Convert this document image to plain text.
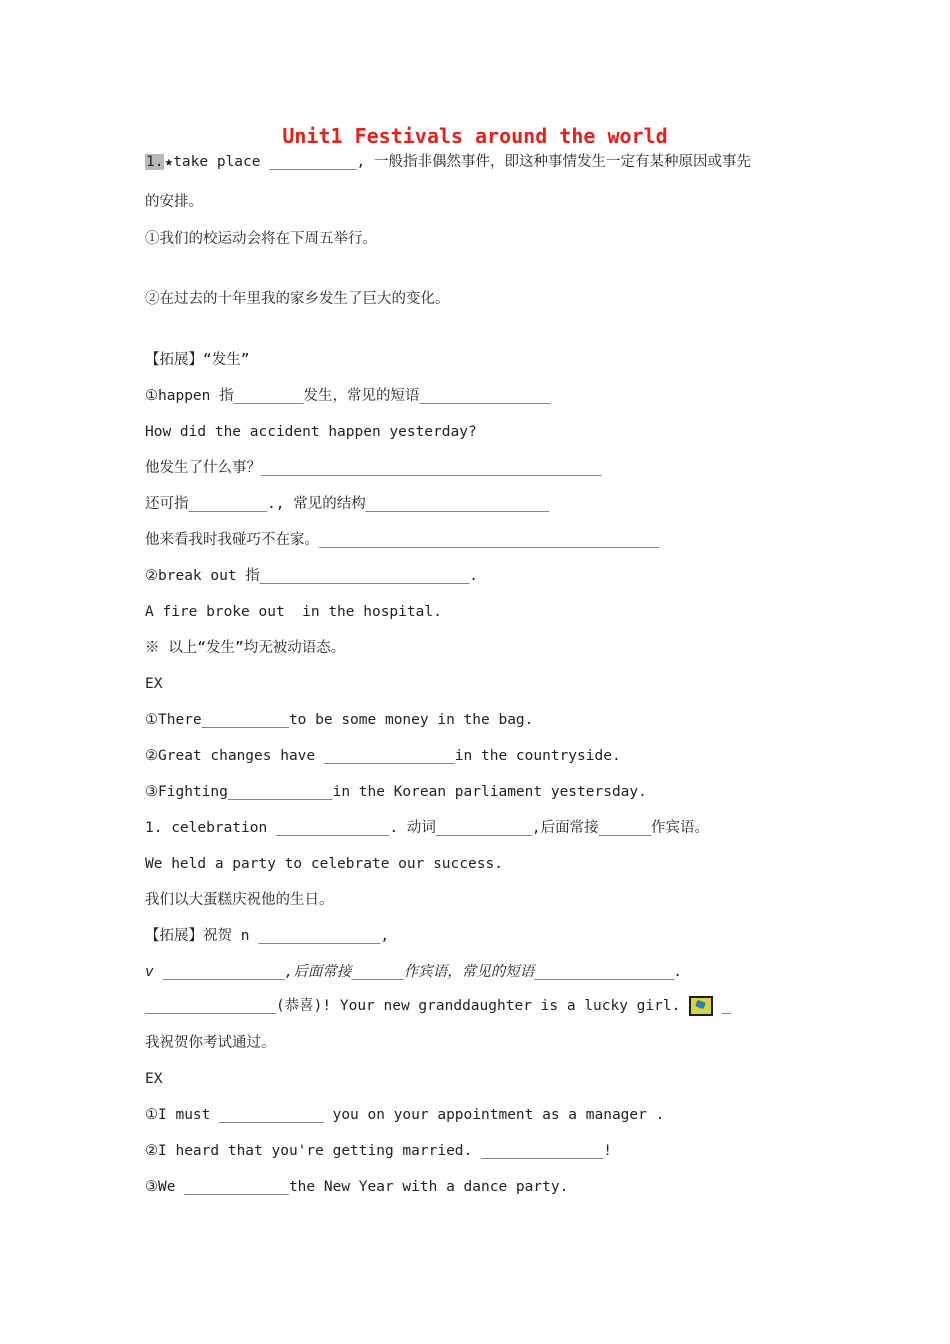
Unit1 Festivals around the world
1.★take place __________, 一般指非偶然事件，即这种事情发生一定有某种原因或事先
的安排。
①我们的校运动会将在下周五举行。
②在过去的十年里我的家乡发生了巨大的变化。
【拓展】“发生”
①happen 指________发生，常见的短语_______________
How did the accident happen yesterday?
他发生了什么事？_______________________________________
还可指_________., 常见的结构_____________________
他来看我时我碰巧不在家。_______________________________________
②break out 指________________________.
A fire broke out  in the hospital.
※ 以上“发生”均无被动语态。
EX
①There__________to be some money in the bag.
②Great changes have _______________in the countryside.
③Fighting____________in the Korean parliament yestersday.
1. celebration _____________. 动词___________,后面常接______作宾语。
We held a party to celebrate our success.
我们以大蛋糕庆祝他的生日。
【拓展】祝贺 n ______________,
v ______________,后面常接______作宾语，常见的短语________________.
_______________(恭喜)! Your new granddaughter is a lucky girl.  _
我祝贺你考试通过。
EX
①I must ____________ you on your appointment as a manager .
②I heard that you're getting married. ______________!
③We ____________the New Year with a dance party.
